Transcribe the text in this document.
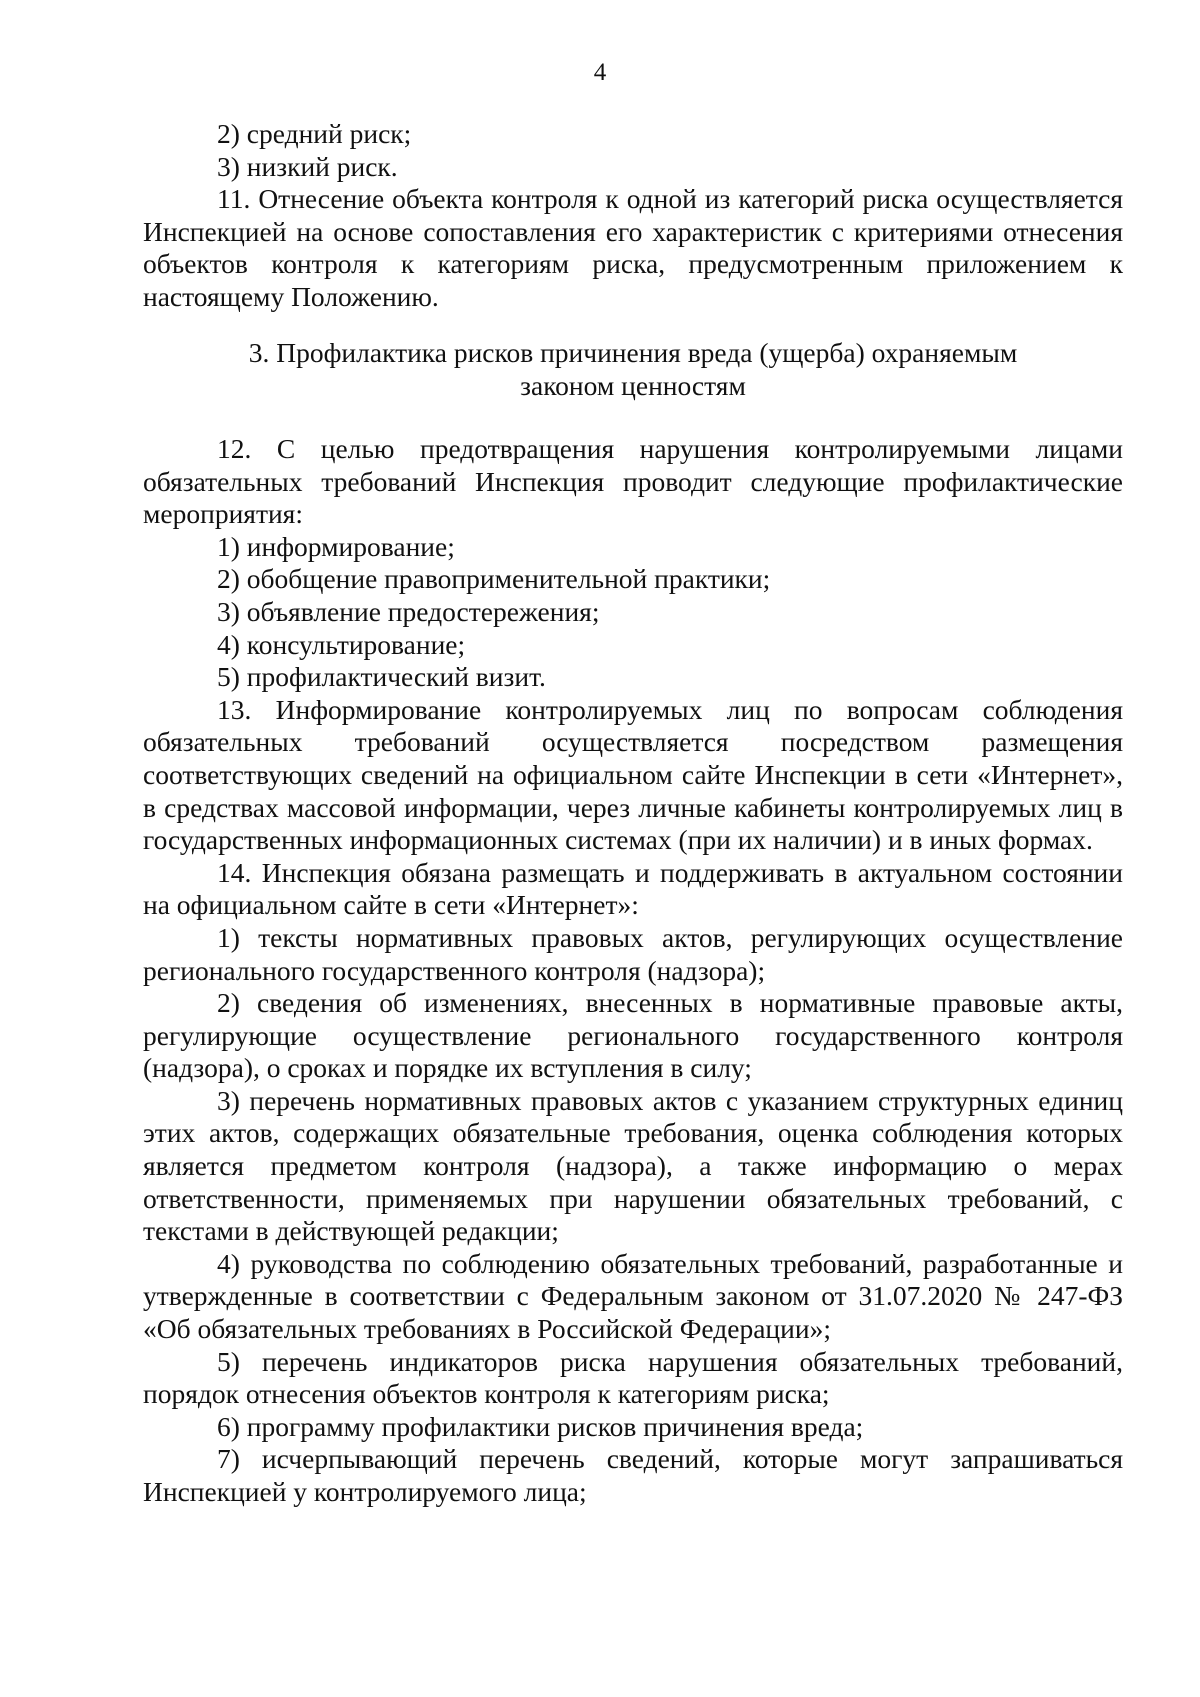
4

2) средний риск;

3) низкий риск.

11. Отнесение объекта контроля к одной из категорий риска осуществляется Инспекцией на основе сопоставления его характеристик с критериями отнесения объектов контроля к категориям риска, предусмотренным приложением к настоящему Положению.

3. Профилактика рисков причинения вреда (ущерба) охраняемым
законом ценностям

12. С целью предотвращения нарушения контролируемыми лицами обязательных требований Инспекция проводит следующие профилактические мероприятия:

1) информирование;

2) обобщение правоприменительной практики;

3) объявление предостережения;

4) консультирование;

5) профилактический визит.

13. Информирование контролируемых лиц по вопросам соблюдения обязательных требований осуществляется посредством размещения соответствующих сведений на официальном сайте Инспекции в сети «Интернет», в средствах массовой информации, через личные кабинеты контролируемых лиц в государственных информационных системах (при их наличии) и в иных формах.

14. Инспекция обязана размещать и поддерживать в актуальном состоянии на официальном сайте в сети «Интернет»:

1) тексты нормативных правовых актов, регулирующих осуществление регионального государственного контроля (надзора);

2) сведения об изменениях, внесенных в нормативные правовые акты, регулирующие осуществление регионального государственного контроля (надзора), о сроках и порядке их вступления в силу;

3) перечень нормативных правовых актов с указанием структурных единиц этих актов, содержащих обязательные требования, оценка соблюдения которых является предметом контроля (надзора), а также информацию о мерах ответственности, применяемых при нарушении обязательных требований, с текстами в действующей редакции;

4) руководства по соблюдению обязательных требований, разработанные и утвержденные в соответствии с Федеральным законом от 31.07.2020 № 247-ФЗ «Об обязательных требованиях в Российской Федерации»;

5) перечень индикаторов риска нарушения обязательных требований, порядок отнесения объектов контроля к категориям риска;

6) программу профилактики рисков причинения вреда;

7) исчерпывающий перечень сведений, которые могут запрашиваться Инспекцией у контролируемого лица;
